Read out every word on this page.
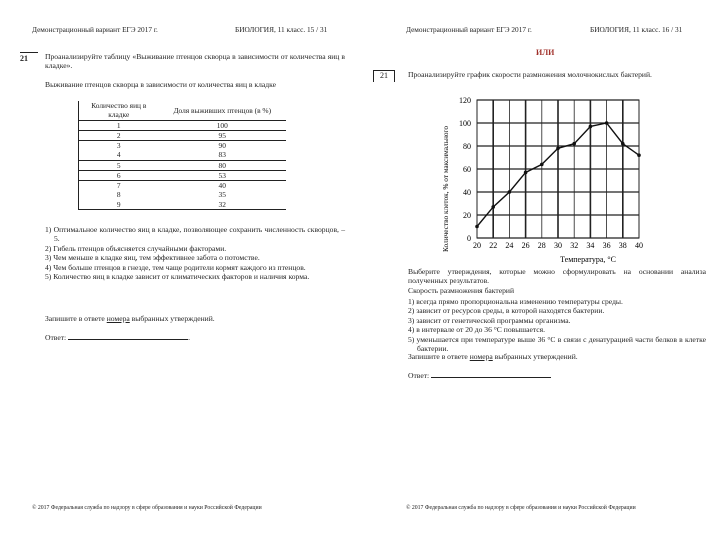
Демонстрационный вариант ЕГЭ 2017 г.	БИОЛОГИЯ, 11 класс. 15 / 31
21	Проанализируйте таблицу «Выживание птенцов скворца в зависимости от количества яиц в кладке».
Выживание птенцов скворца в зависимости от количества яиц в кладке
Количество яиц в кладке	Доля выживших птенцов (в %)
1	100
2	95
3	90
4	83
5	80
6	53
7	40
8	35
9	32
1) Оптимальное количество яиц в кладке, позволяющее сохранить численность скворцов, – 5.
2) Гибель птенцов объясняется случайными факторами.
3) Чем меньше в кладке яиц, тем эффективнее забота о потомстве.
4) Чем больше птенцов в гнезде, тем чаще родители кормят каждого из птенцов.
5) Количество яиц в кладке зависит от климатических факторов и наличия корма.
Запишите в ответе номера выбранных утверждений.
Ответ:	.
© 2017 Федеральная служба по надзору в сфере образования и науки Российской Федерации
Демонстрационный вариант ЕГЭ 2017 г.	БИОЛОГИЯ, 11 класс. 16 / 31
ИЛИ
21	Проанализируйте график скорости размножения молочнокислых бактерий.
20 22 24 26 28 30 32 34 36 38 40
0
20
40
60
80
100
120
Температура, °С
Количество клеток, % от максимального
Выберите утверждения, которые можно сформулировать на основании анализа полученных результатов.
Скорость размножения бактерий
1) всегда прямо пропорциональна изменению температуры среды.
2) зависит от ресурсов среды, в которой находятся бактерии.
3) зависит от генетической программы организма.
4) в интервале от 20 до 36 °С повышается.
5) уменьшается при температуре выше 36 °С в связи с денатурацией части белков в клетке бактерии.
Запишите в ответе номера выбранных утверждений.
Ответ:
© 2017 Федеральная служба по надзору в сфере образования и науки Российской Федерации
